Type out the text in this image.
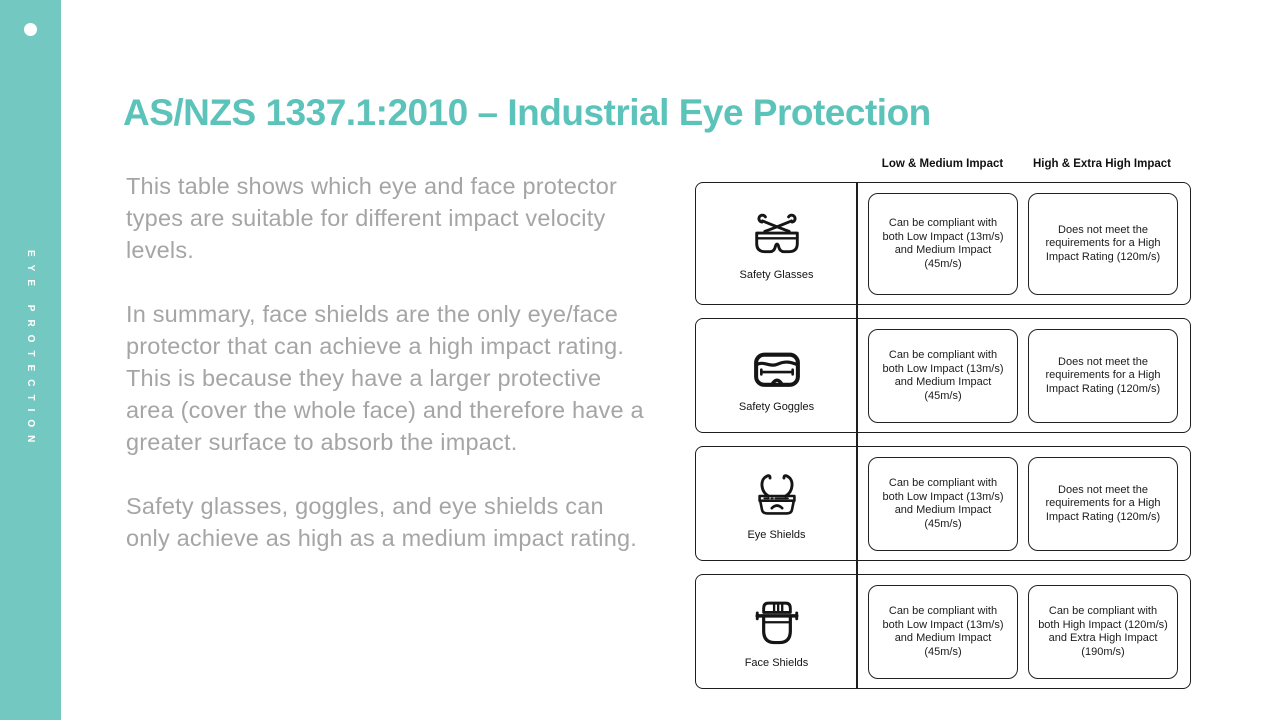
EYE PROTECTION
AS/NZS 1337.1:2010 – Industrial Eye Protection

This table shows which eye and face protector types are suitable for different impact velocity levels.

In summary, face shields are the only eye/face protector that can achieve a high impact rating. This is because they have a larger protective area (cover the whole face) and therefore have a greater surface to absorb the impact.

Safety glasses, goggles, and eye shields can only achieve as high as a medium impact rating.

Low & Medium Impact	High & Extra High Impact
Safety Glasses
Can be compliant with both Low Impact (13m/s) and Medium Impact (45m/s)
Does not meet the requirements for a High Impact Rating (120m/s)
Safety Goggles
Can be compliant with both Low Impact (13m/s) and Medium Impact (45m/s)
Does not meet the requirements for a High Impact Rating (120m/s)
Eye Shields
Can be compliant with both Low Impact (13m/s) and Medium Impact (45m/s)
Does not meet the requirements for a High Impact Rating (120m/s)
Face Shields
Can be compliant with both Low Impact (13m/s) and Medium Impact (45m/s)
Can be compliant with both High Impact (120m/s) and Extra High Impact (190m/s)
